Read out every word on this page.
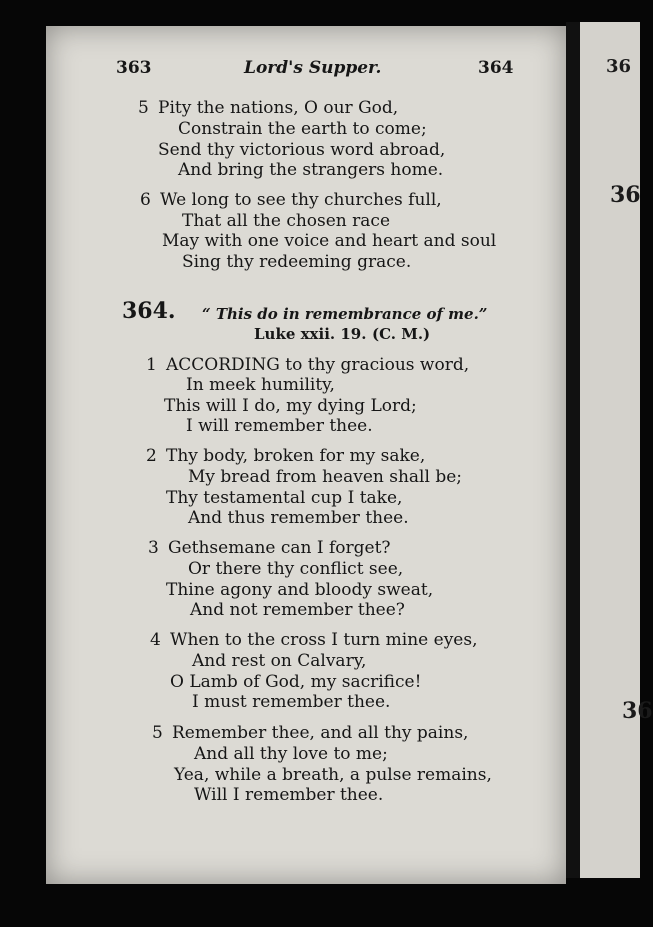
36
36
36
363	Lord's Supper.	364
5 Pity the nations, O our God,
Constrain the earth to come;
Send thy victorious word abroad,
And bring the strangers home.
6 We long to see thy churches full,
That all the chosen race
May with one voice and heart and soul
Sing thy redeeming grace.
364. “ This do in remembrance of me.”
Luke xxii. 19. (C. M.)
1 ACCORDING to thy gracious word,
In meek humility,
This will I do, my dying Lord;
I will remember thee.
2 Thy body, broken for my sake,
My bread from heaven shall be;
Thy testamental cup I take,
And thus remember thee.
3 Gethsemane can I forget?
Or there thy conflict see,
Thine agony and bloody sweat,
And not remember thee?
4 When to the cross I turn mine eyes,
And rest on Calvary,
O Lamb of God, my sacrifice!
I must remember thee.
5 Remember thee, and all thy pains,
And all thy love to me;
Yea, while a breath, a pulse remains,
Will I remember thee.
